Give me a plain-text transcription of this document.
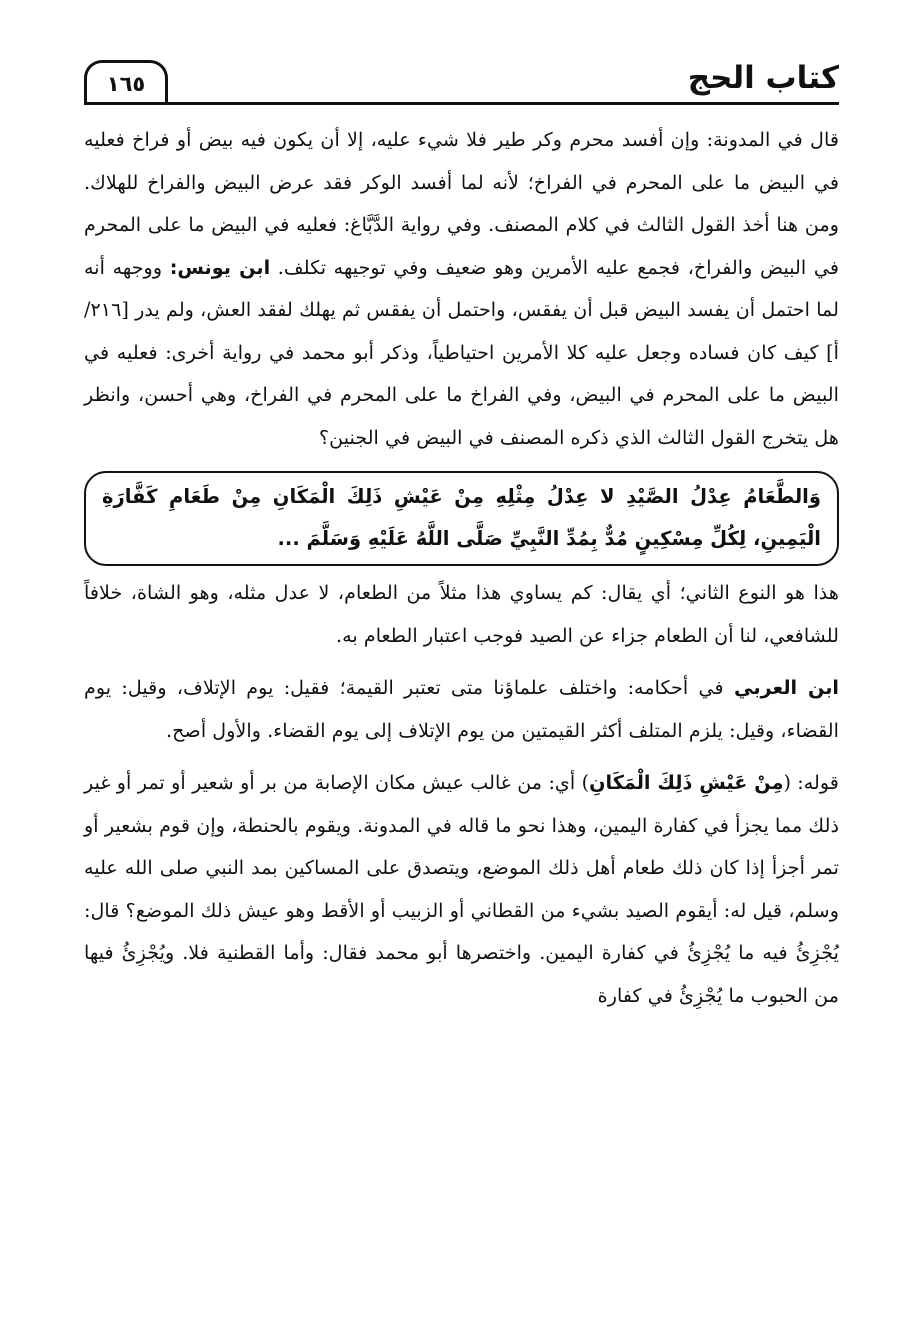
كتاب الحج
١٦٥

قال في المدونة: وإن أفسد محرم وكر طير فلا شيء عليه، إلا أن يكون فيه بيض أو فراخ فعليه في البيض ما على المحرم في الفراخ؛ لأنه لما أفسد الوكر فقد عرض البيض والفراخ للهلاك. ومن هنا أخذ القول الثالث في كلام المصنف. وفي رواية الدَّبَّاغ: فعليه في البيض ما على المحرم في البيض والفراخ، فجمع عليه الأمرين وهو ضعيف وفي توجيهه تكلف. ابن يونس: ووجهه أنه لما احتمل أن يفسد البيض قبل أن يفقس، واحتمل أن يفقس ثم يهلك لفقد العش، ولم يدر [٢١٦/ أ] كيف كان فساده وجعل عليه كلا الأمرين احتياطياً، وذكر أبو محمد في رواية أخرى: فعليه في البيض ما على المحرم في البيض، وفي الفراخ ما على المحرم في الفراخ، وهي أحسن، وانظر هل يتخرج القول الثالث الذي ذكره المصنف في البيض في الجنين؟

وَالطَّعَامُ عِدْلُ الصَّيْدِ لا عِدْلُ مِثْلِهِ مِنْ عَيْشِ ذَلِكَ الْمَكَانِ مِنْ طَعَامِ كَفَّارَةِ الْيَمِينِ، لِكُلِّ مِسْكِينٍ مُدٌّ بِمُدِّ النَّبِيِّ صَلَّى اللَّهُ عَلَيْهِ وَسَلَّمَ ...

هذا هو النوع الثاني؛ أي يقال: كم يساوي هذا مثلاً من الطعام، لا عدل مثله، وهو الشاة، خلافاً للشافعي، لنا أن الطعام جزاء عن الصيد فوجب اعتبار الطعام به.

ابن العربي في أحكامه: واختلف علماؤنا متى تعتبر القيمة؛ فقيل: يوم الإتلاف، وقيل: يوم القضاء، وقيل: يلزم المتلف أكثر القيمتين من يوم الإتلاف إلى يوم القضاء. والأول أصح.

قوله: (مِنْ عَيْشِ ذَلِكَ الْمَكَانِ) أي: من غالب عيش مكان الإصابة من بر أو شعير أو تمر أو غير ذلك مما يجزأ في كفارة اليمين، وهذا نحو ما قاله في المدونة. ويقوم بالحنطة، وإن قوم بشعير أو تمر أجزأ إذا كان ذلك طعام أهل ذلك الموضع، ويتصدق على المساكين بمد النبي صلى الله عليه وسلم، قيل له: أيقوم الصيد بشيء من القطاني أو الزبيب أو الأقط وهو عيش ذلك الموضع؟ قال: يُجْزِئُ فيه ما يُجْزِئُ في كفارة اليمين. واختصرها أبو محمد فقال: وأما القطنية فلا. ويُجْزِئُ فيها من الحبوب ما يُجْزِئُ في كفارة
